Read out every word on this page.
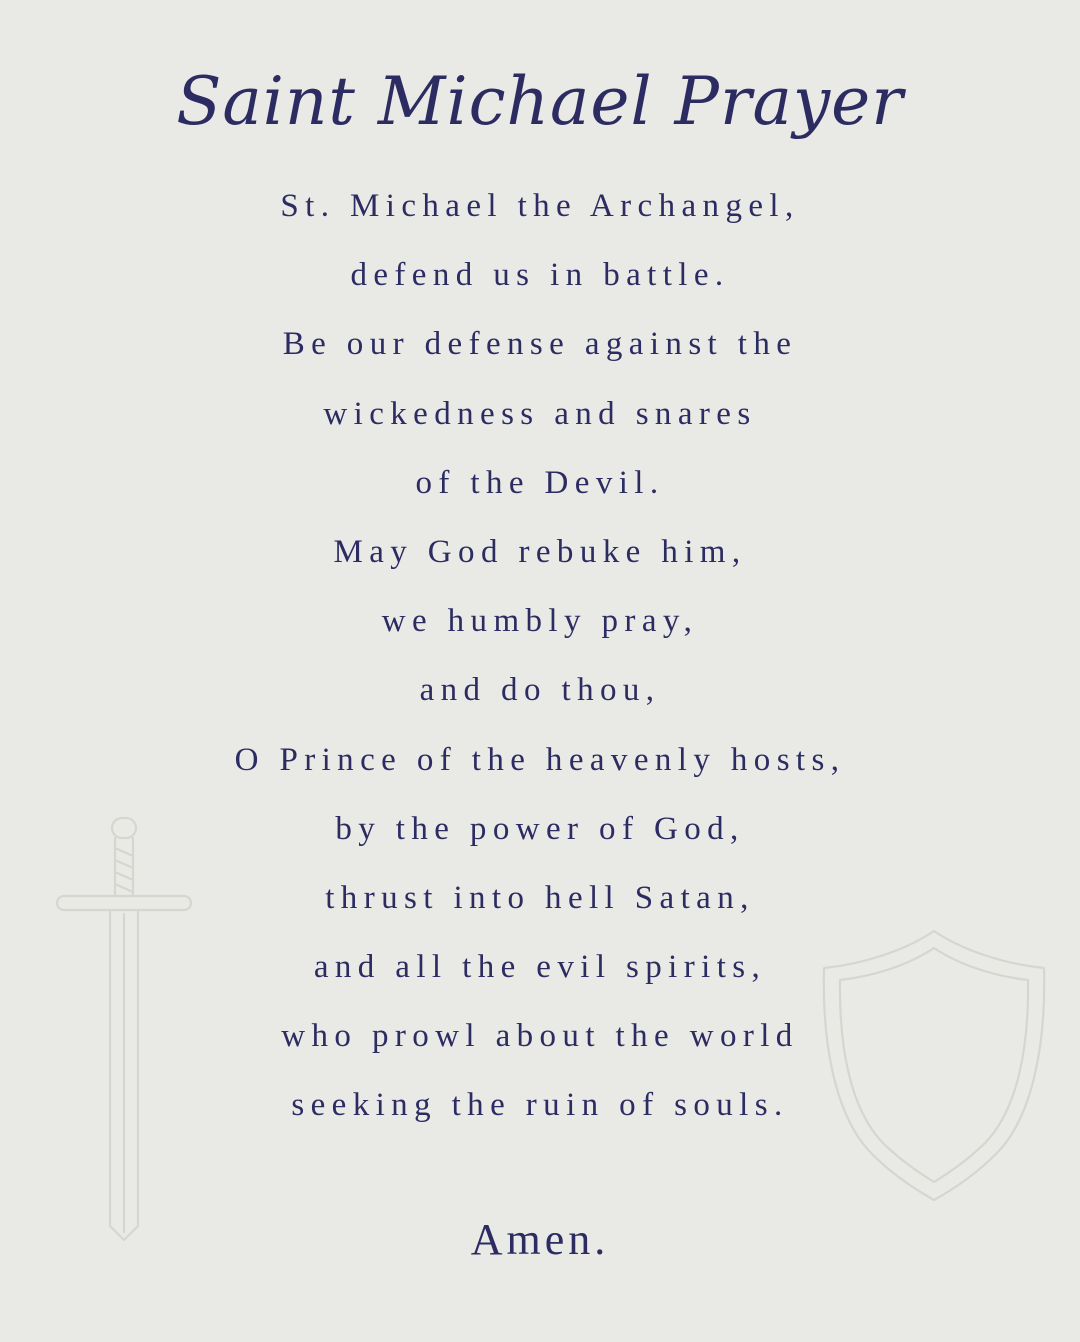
Saint Michael Prayer
St. Michael the Archangel,
defend us in battle.
Be our defense against the
wickedness and snares
of the Devil.
May God rebuke him,
we humbly pray,
and do thou,
O Prince of the heavenly hosts,
by the power of God,
thrust into hell Satan,
and all the evil spirits,
who prowl about the world
seeking the ruin of souls.
Amen.
